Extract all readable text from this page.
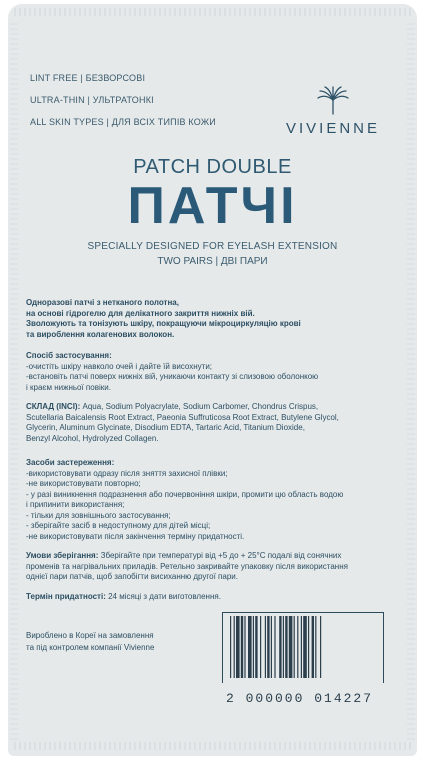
LINT FREE | БЕЗВОРСОВІ
ULTRA-THIN | УЛЬТРАТОНКІ
ALL SKIN TYPES | ДЛЯ ВСІХ ТИПІВ КОЖИ	VIVIENNE
PATCH DOUBLE
ПАТЧІ
SPECIALLY DESIGNED FOR EYELASH EXTENSION
TWO PAIRS | ДВІ ПАРИ
Одноразові патчі з нетканого полотна,
на основі гідрогелю для делікатного закриття нижніх вій.
Зволожують та тонізують шкіру, покращуючи мікроциркуляцію крові
та вироблення колагенових волокон.
Спосіб застосування:
-очистіть шкіру навколо очей і дайте їй висохнути;
-встановіть патчі поверх нижніх вій, уникаючи контакту зі слизовою оболонкою
і краєм нижньої повіки.
СКЛАД (INCI): Aqua, Sodium Polyacrylate, Sodium Carbomer, Chondrus Crispus,
Scutellaria Baicalensis Root Extract, Paeonia Suffruticosa Root Extract, Butylene Glycol,
Glycerin, Aluminum Glycinate, Disodium EDTA, Tartaric Acid, Titanium Dioxide,
Benzyl Alcohol, Hydrolyzed Collagen.
Засоби застереження:
-використовувати одразу після зняття захисної плівки;
-не використовувати повторно;
- у разі виникнення подразнення або почервоніння шкіри, промити цю область водою
і припинити використання;
- тільки для зовнішнього застосування;
- зберігайте засіб в недоступному для дітей місці;
-не використовувати після закінчення терміну придатності.
Умови зберігання: Зберігайте при температурі від +5 до + 25°С подалі від сонячних
променів та нагрівальних приладів. Ретельно закривайте упаковку після використання
однієї пари патчів, щоб запобігти висиханню другої пари.
Термін придатності: 24 місяці з дати виготовлення.
Вироблено в Кореї на замовлення
та під контролем компанії Vivienne
2 000000 014227
